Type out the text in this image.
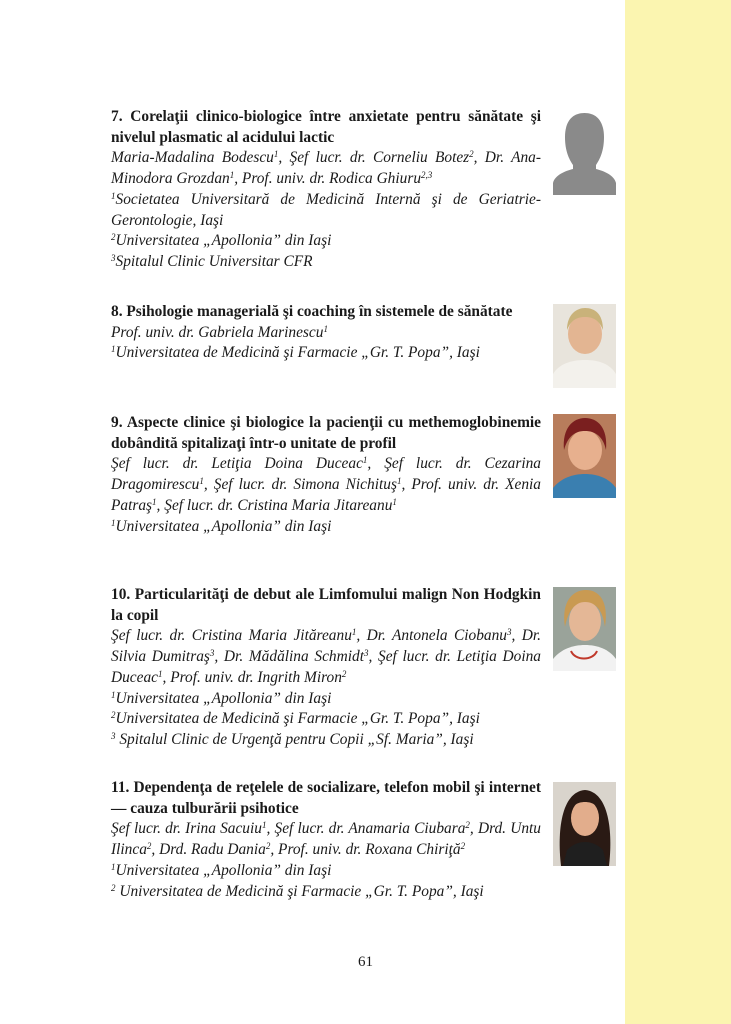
7. Corelaţii clinico-biologice între anxietate pentru sănătate şi nivelul plasmatic al acidului lactic

Maria-Madalina Bodescu$^1$, Şef lucr. dr. Corneliu Botez$^2$, Dr. Ana-Minodora Grozdan$^1$, Prof. univ. dr. Rodica Ghiuru$^{2,3}$

$^1$Societatea Universitară de Medicină Internă şi de Geriatrie-Gerontologie, Iaşi

$^2$Universitatea „Apollonia” din Iaşi

$^3$Spitalul Clinic Universitar CFR

8. Psihologie managerială şi coaching în sistemele de sănătate

Prof. univ. dr. Gabriela Marinescu$^1$

$^1$Universitatea de Medicină şi Farmacie „Gr. T. Popa”, Iaşi

9. Aspecte clinice şi biologice la pacienţii cu methemoglobinemie dobândită spitalizaţi într-o unitate de profil

Şef lucr. dr. Letiţia Doina Duceac$^1$, Şef lucr. dr. Cezarina Dragomirescu$^1$, Şef lucr. dr. Simona Nichituş$^1$, Prof. univ. dr. Xenia Patraş$^1$, Şef lucr. dr. Cristina Maria Jitareanu$^1$

$^1$Universitatea „Apollonia” din Iaşi

10. Particularităţi de debut ale Limfomului malign Non Hodgkin la copil

Şef lucr. dr. Cristina Maria Jităreanu$^1$, Dr. Antonela Ciobanu$^3$, Dr. Silvia Dumitraş$^3$, Dr. Mădălina Schmidt$^3$, Şef lucr. dr. Letiţia Doina Duceac$^1$, Prof. univ. dr. Ingrith Miron$^2$

$^1$Universitatea „Apollonia” din Iaşi

$^2$Universitatea de Medicină şi Farmacie „Gr. T. Popa”, Iaşi

$^3$ Spitalul Clinic de Urgenţă pentru Copii „Sf. Maria”, Iaşi

11. Dependenţa de reţelele de socializare, telefon mobil şi internet — cauza tulburării psihotice

Şef lucr. dr. Irina Sacuiu$^1$, Şef lucr. dr. Anamaria Ciubara$^2$, Drd. Untu Ilinca$^2$, Drd. Radu Dania$^2$, Prof. univ. dr. Roxana Chiriţă$^2$

$^1$Universitatea „Apollonia” din Iaşi

$^2$ Universitatea de Medicină şi Farmacie „Gr. T. Popa”, Iaşi

61
